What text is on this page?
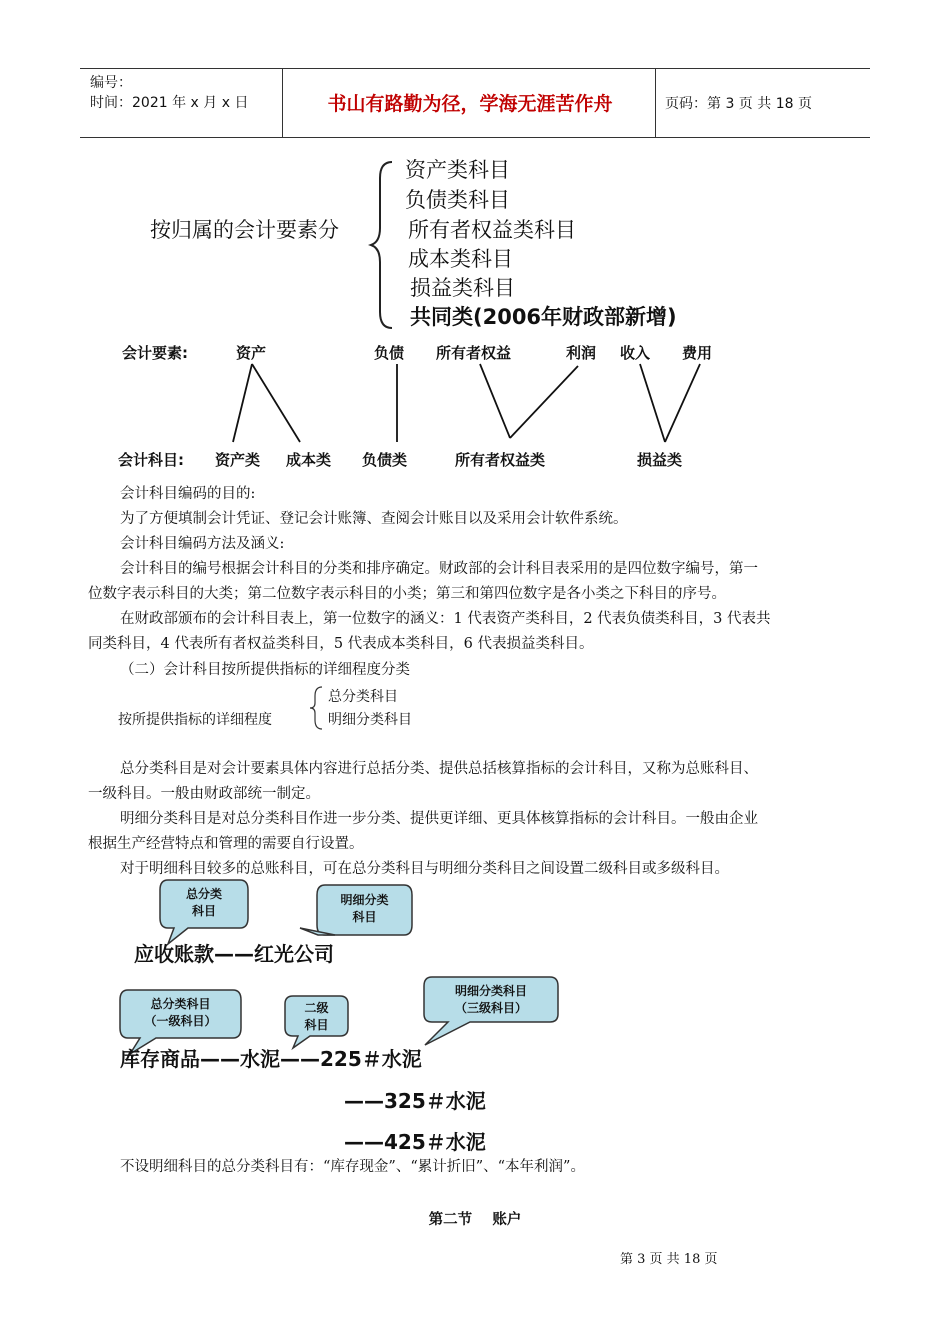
编号：
时间：2021 年 x 月 x 日	书山有路勤为径，学海无涯苦作舟	页码：第 3 页 共 18 页
按归属的会计要素分
资产类科目
负债类科目
所有者权益类科目
成本类科目
损益类科目
共同类(2006年财政部新增)
会计要素:	资产	负债 所有者权益	利润 收入 费用
会计科目: 资产类 成本类 负债类	所有者权益类	损益类
会计科目编码的目的:
为了方便填制会计凭证、登记会计账簿、查阅会计账目以及采用会计软件系统。
会计科目编码方法及涵义:
会计科目的编号根据会计科目的分类和排序确定。财政部的会计科目表采用的是四位数字编号，第一
位数字表示科目的大类；第二位数字表示科目的小类；第三和第四位数字是各小类之下科目的序号。
在财政部颁布的会计科目表上，第一位数字的涵义：1 代表资产类科目，2 代表负债类科目，3 代表共
同类科目，4 代表所有者权益类科目，5 代表成本类科目，6 代表损益类科目。
（二）会计科目按所提供指标的详细程度分类
按所提供指标的详细程度
总分类科目
明细分类科目
总分类科目是对会计要素具体内容进行总括分类、提供总括核算指标的会计科目，又称为总账科目、
一级科目。一般由财政部统一制定。
明细分类科目是对总分类科目作进一步分类、提供更详细、更具体核算指标的会计科目。一般由企业
根据生产经营特点和管理的需要自行设置。
对于明细科目较多的总账科目，可在总分类科目与明细分类科目之间设置二级科目或多级科目。
总分类
科目
明细分类
科目
应收账款——红光公司
总分类科目
（一级科目）
二级
科目
明细分类科目
（三级科目）
库存商品——水泥——225＃水泥
——325＃水泥
——425＃水泥
不设明细科目的总分类科目有：“库存现金”、“累计折旧”、“本年利润”。
第二节    账户
第 3 页 共 18 页
